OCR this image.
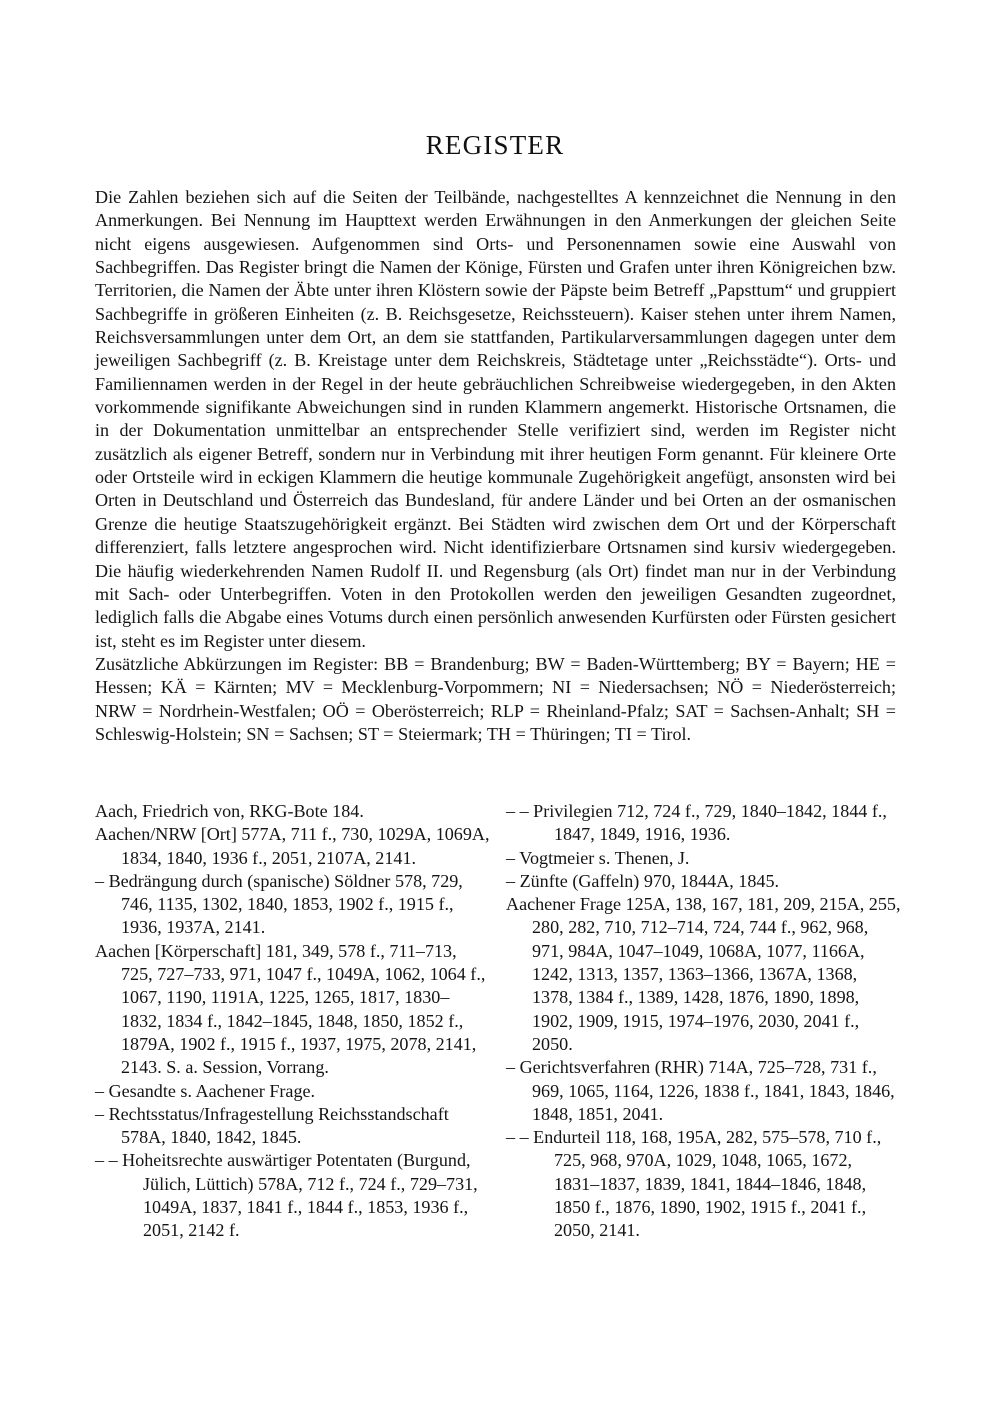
REGISTER

Die Zahlen beziehen sich auf die Seiten der Teilbände, nachgestelltes A kennzeichnet die Nennung in den Anmerkungen. Bei Nennung im Haupttext werden Erwähnungen in den Anmerkungen der gleichen Seite nicht eigens ausgewiesen. Aufgenommen sind Orts- und Personennamen sowie eine Auswahl von Sachbegriffen. Das Register bringt die Namen der Könige, Fürsten und Grafen unter ihren Königreichen bzw. Territorien, die Namen der Äbte unter ihren Klöstern sowie der Päpste beim Betreff „Papsttum“ und gruppiert Sachbegriffe in größeren Einheiten (z. B. Reichsgesetze, Reichssteuern). Kaiser stehen unter ihrem Namen, Reichsversammlungen unter dem Ort, an dem sie stattfanden, Partikularversammlungen dagegen unter dem jeweiligen Sachbegriff (z. B. Kreistage unter dem Reichskreis, Städtetage unter „Reichsstädte“). Orts- und Familiennamen werden in der Regel in der heute gebräuchlichen Schreibweise wiedergegeben, in den Akten vorkommende signifikante Abweichungen sind in runden Klammern angemerkt. Historische Ortsnamen, die in der Dokumentation unmittelbar an entsprechender Stelle verifiziert sind, werden im Register nicht zusätzlich als eigener Betreff, sondern nur in Verbindung mit ihrer heutigen Form genannt. Für kleinere Orte oder Ortsteile wird in eckigen Klammern die heutige kommunale Zugehörigkeit angefügt, ansonsten wird bei Orten in Deutschland und Österreich das Bundesland, für andere Länder und bei Orten an der osmanischen Grenze die heutige Staatszugehörigkeit ergänzt. Bei Städten wird zwischen dem Ort und der Körperschaft differenziert, falls letztere angesprochen wird. Nicht identifizierbare Ortsnamen sind kursiv wiedergegeben. Die häufig wiederkehrenden Namen Rudolf II. und Regensburg (als Ort) findet man nur in der Verbindung mit Sach- oder Unterbegriffen. Voten in den Protokollen werden den jeweiligen Gesandten zugeordnet, lediglich falls die Abgabe eines Votums durch einen persönlich anwesenden Kurfürsten oder Fürsten gesichert ist, steht es im Register unter diesem.

Zusätzliche Abkürzungen im Register: BB = Brandenburg; BW = Baden-Württemberg; BY = Bayern; HE = Hessen; KÄ = Kärnten; MV = Mecklenburg-Vorpommern; NI = Niedersachsen; NÖ = Niederösterreich; NRW = Nordrhein-Westfalen; OÖ = Oberösterreich; RLP = Rheinland-Pfalz; SAT = Sachsen-Anhalt; SH = Schleswig-Holstein; SN = Sachsen; ST = Steiermark; TH = Thüringen; TI = Tirol.

Aach, Friedrich von, RKG-Bote 184.

Aachen/NRW [Ort] 577A, 711 f., 730, 1029A, 1069A, 1834, 1840, 1936 f., 2051, 2107A, 2141.

– Bedrängung durch (spanische) Söldner 578, 729, 746, 1135, 1302, 1840, 1853, 1902 f., 1915 f., 1936, 1937A, 2141.

Aachen [Körperschaft] 181, 349, 578 f., 711–713, 725, 727–733, 971, 1047 f., 1049A, 1062, 1064 f., 1067, 1190, 1191A, 1225, 1265, 1817, 1830–1832, 1834 f., 1842–1845, 1848, 1850, 1852 f., 1879A, 1902 f., 1915 f., 1937, 1975, 2078, 2141, 2143. S. a. Session, Vorrang.

– Gesandte s. Aachener Frage.

– Rechtsstatus/Infragestellung Reichsstandschaft 578A, 1840, 1842, 1845.

– – Hoheitsrechte auswärtiger Potentaten (Burgund, Jülich, Lüttich) 578A, 712 f., 724 f., 729–731, 1049A, 1837, 1841 f., 1844 f., 1853, 1936 f., 2051, 2142 f.

– – Privilegien 712, 724 f., 729, 1840–1842, 1844 f., 1847, 1849, 1916, 1936.

– Vogtmeier s. Thenen, J.

– Zünfte (Gaffeln) 970, 1844A, 1845.

Aachener Frage 125A, 138, 167, 181, 209, 215A, 255, 280, 282, 710, 712–714, 724, 744 f., 962, 968, 971, 984A, 1047–1049, 1068A, 1077, 1166A, 1242, 1313, 1357, 1363–1366, 1367A, 1368, 1378, 1384 f., 1389, 1428, 1876, 1890, 1898, 1902, 1909, 1915, 1974–1976, 2030, 2041 f., 2050.

– Gerichtsverfahren (RHR) 714A, 725–728, 731 f., 969, 1065, 1164, 1226, 1838 f., 1841, 1843, 1846, 1848, 1851, 2041.

– – Endurteil 118, 168, 195A, 282, 575–578, 710 f., 725, 968, 970A, 1029, 1048, 1065, 1672, 1831–1837, 1839, 1841, 1844–1846, 1848, 1850 f., 1876, 1890, 1902, 1915 f., 2041 f., 2050, 2141.
